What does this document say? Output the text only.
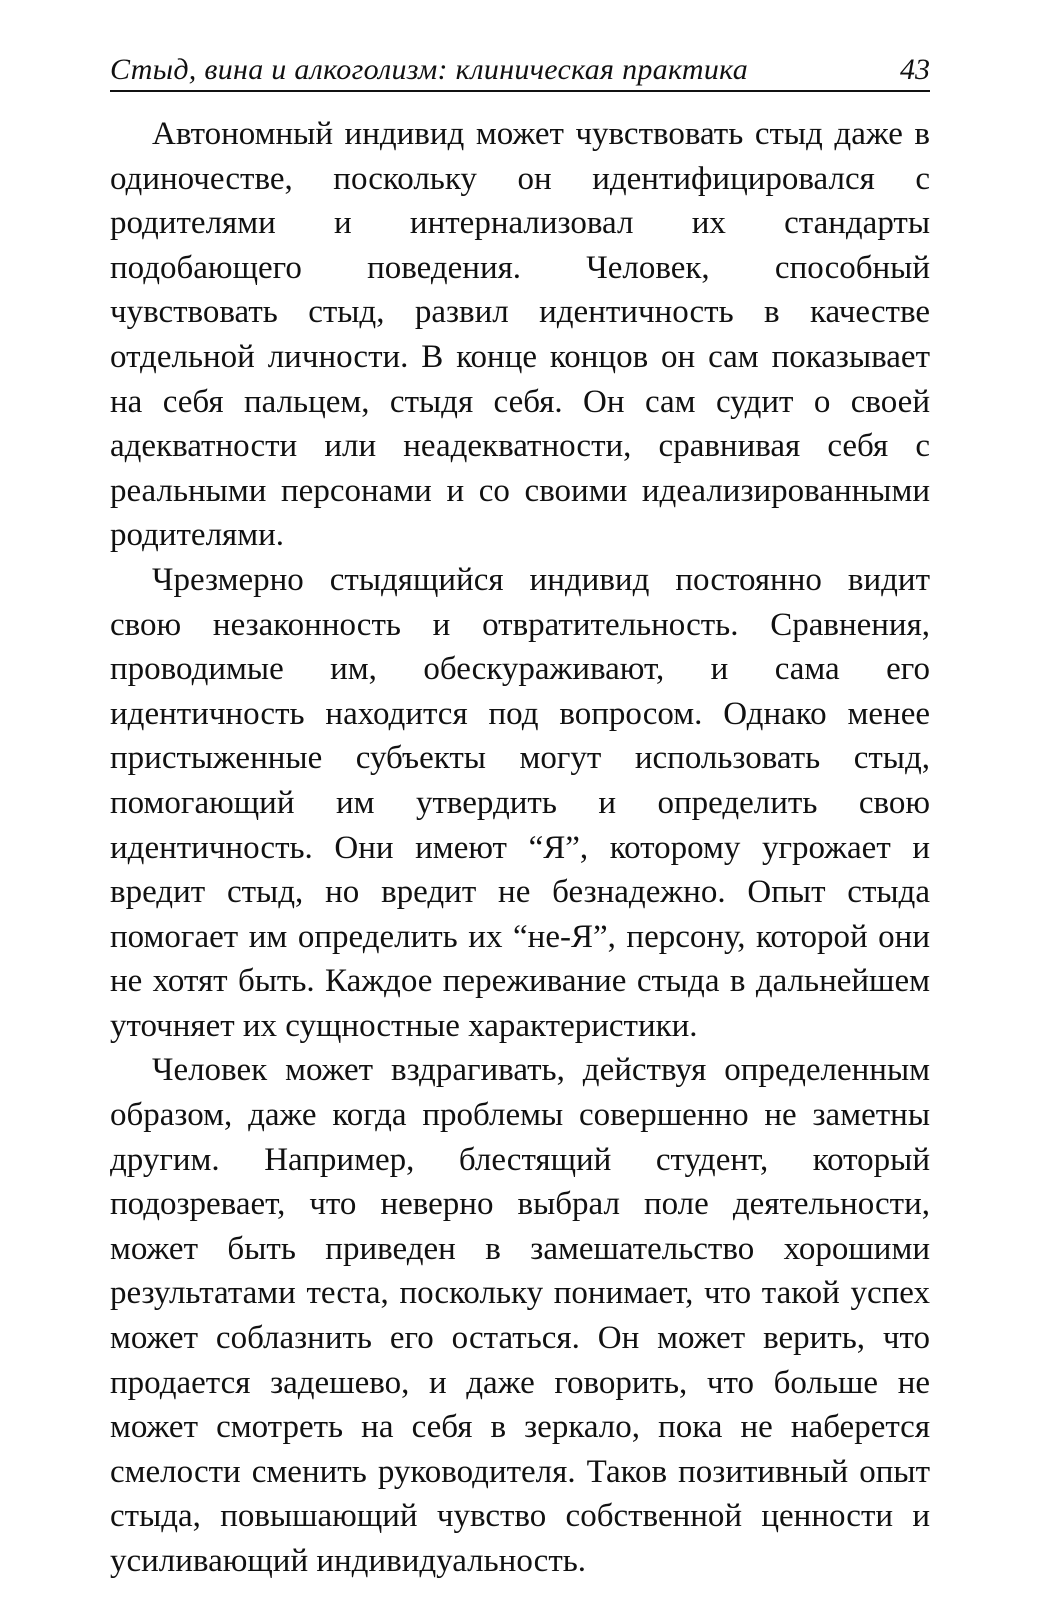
Стыд, вина и алкоголизм: клиническая практика	43

Автономный индивид может чувствовать стыд даже в одиночестве, поскольку он идентифицировался с родителями и интернализовал их стандарты подобающего поведения. Человек, способный чувствовать стыд, развил идентичность в качестве отдельной личности. В конце концов он сам показывает на себя пальцем, стыдя себя. Он сам судит о своей адекватности или неадекватности, сравнивая себя с реальными персонами и со своими идеализированными родителями.

Чрезмерно стыдящийся индивид постоянно видит свою незаконность и отвратительность. Сравнения, проводимые им, обескураживают, и сама его идентичность находится под вопросом. Однако менее пристыженные субъекты могут использовать стыд, помогающий им утвердить и определить свою идентичность. Они имеют “Я”, которому угрожает и вредит стыд, но вредит не безнадежно. Опыт стыда помогает им определить их “не-Я”, персону, которой они не хотят быть. Каждое переживание стыда в дальнейшем уточняет их сущностные характеристики.

Человек может вздрагивать, действуя определенным образом, даже когда проблемы совершенно не заметны другим. Например, блестящий студент, который подозревает, что неверно выбрал поле деятельности, может быть приведен в замешательство хорошими результатами теста, поскольку понимает, что такой успех может соблазнить его остаться. Он может верить, что продается задешево, и даже говорить, что больше не может смотреть на себя в зеркало, пока не наберется смелости сменить руководителя. Таков позитивный опыт стыда, повышающий чувство собственной ценности и усиливающий индивидуальность.
